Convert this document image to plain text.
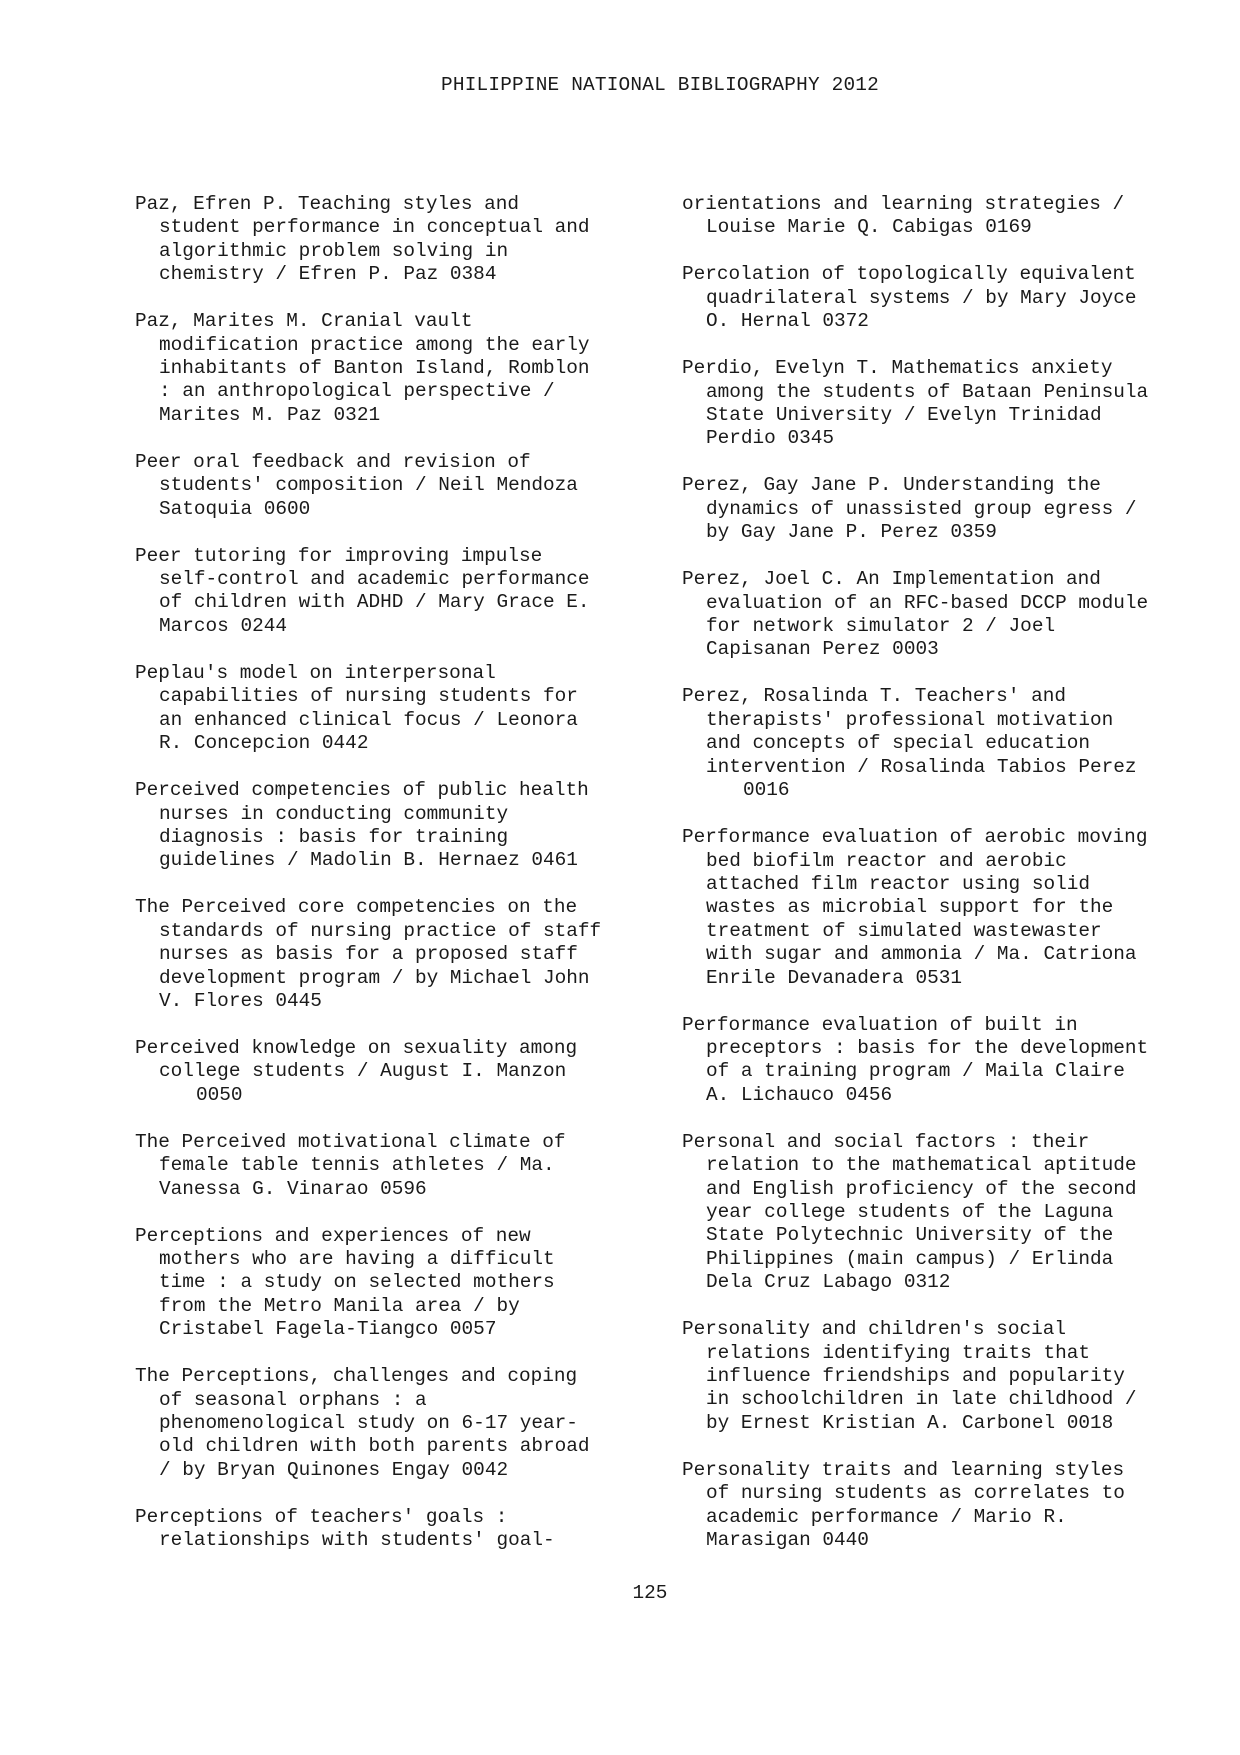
PHILIPPINE NATIONAL BIBLIOGRAPHY 2012
Paz, Efren P. Teaching styles and
student performance in conceptual and
algorithmic problem solving in
chemistry / Efren P. Paz 0384
Paz, Marites M. Cranial vault
modification practice among the early
inhabitants of Banton Island, Romblon
: an anthropological perspective /
Marites M. Paz 0321
Peer oral feedback and revision of
students' composition / Neil Mendoza
Satoquia 0600
Peer tutoring for improving impulse
self-control and academic performance
of children with ADHD / Mary Grace E.
Marcos 0244
Peplau's model on interpersonal
capabilities of nursing students for
an enhanced clinical focus / Leonora
R. Concepcion 0442
Perceived competencies of public health
nurses in conducting community
diagnosis : basis for training
guidelines / Madolin B. Hernaez 0461
The Perceived core competencies on the
standards of nursing practice of staff
nurses as basis for a proposed staff
development program / by Michael John
V. Flores 0445
Perceived knowledge on sexuality among
college students / August I. Manzon
0050
The Perceived motivational climate of
female table tennis athletes / Ma.
Vanessa G. Vinarao 0596
Perceptions and experiences of new
mothers who are having a difficult
time : a study on selected mothers
from the Metro Manila area / by
Cristabel Fagela-Tiangco 0057
The Perceptions, challenges and coping
of seasonal orphans : a
phenomenological study on 6-17 year-
old children with both parents abroad
/ by Bryan Quinones Engay 0042
Perceptions of teachers' goals :
relationships with students' goal-
orientations and learning strategies /
Louise Marie Q. Cabigas 0169
Percolation of topologically equivalent
quadrilateral systems / by Mary Joyce
O. Hernal 0372
Perdio, Evelyn T. Mathematics anxiety
among the students of Bataan Peninsula
State University / Evelyn Trinidad
Perdio 0345
Perez, Gay Jane P. Understanding the
dynamics of unassisted group egress /
by Gay Jane P. Perez 0359
Perez, Joel C. An Implementation and
evaluation of an RFC-based DCCP module
for network simulator 2 / Joel
Capisanan Perez 0003
Perez, Rosalinda T. Teachers' and
therapists' professional motivation
and concepts of special education
intervention / Rosalinda Tabios Perez
0016
Performance evaluation of aerobic moving
bed biofilm reactor and aerobic
attached film reactor using solid
wastes as microbial support for the
treatment of simulated wastewaster
with sugar and ammonia / Ma. Catriona
Enrile Devanadera 0531
Performance evaluation of built in
preceptors : basis for the development
of a training program / Maila Claire
A. Lichauco 0456
Personal and social factors : their
relation to the mathematical aptitude
and English proficiency of the second
year college students of the Laguna
State Polytechnic University of the
Philippines (main campus) / Erlinda
Dela Cruz Labago 0312
Personality and children's social
relations identifying traits that
influence friendships and popularity
in schoolchildren in late childhood /
by Ernest Kristian A. Carbonel 0018
Personality traits and learning styles
of nursing students as correlates to
academic performance / Mario R.
Marasigan 0440
125
